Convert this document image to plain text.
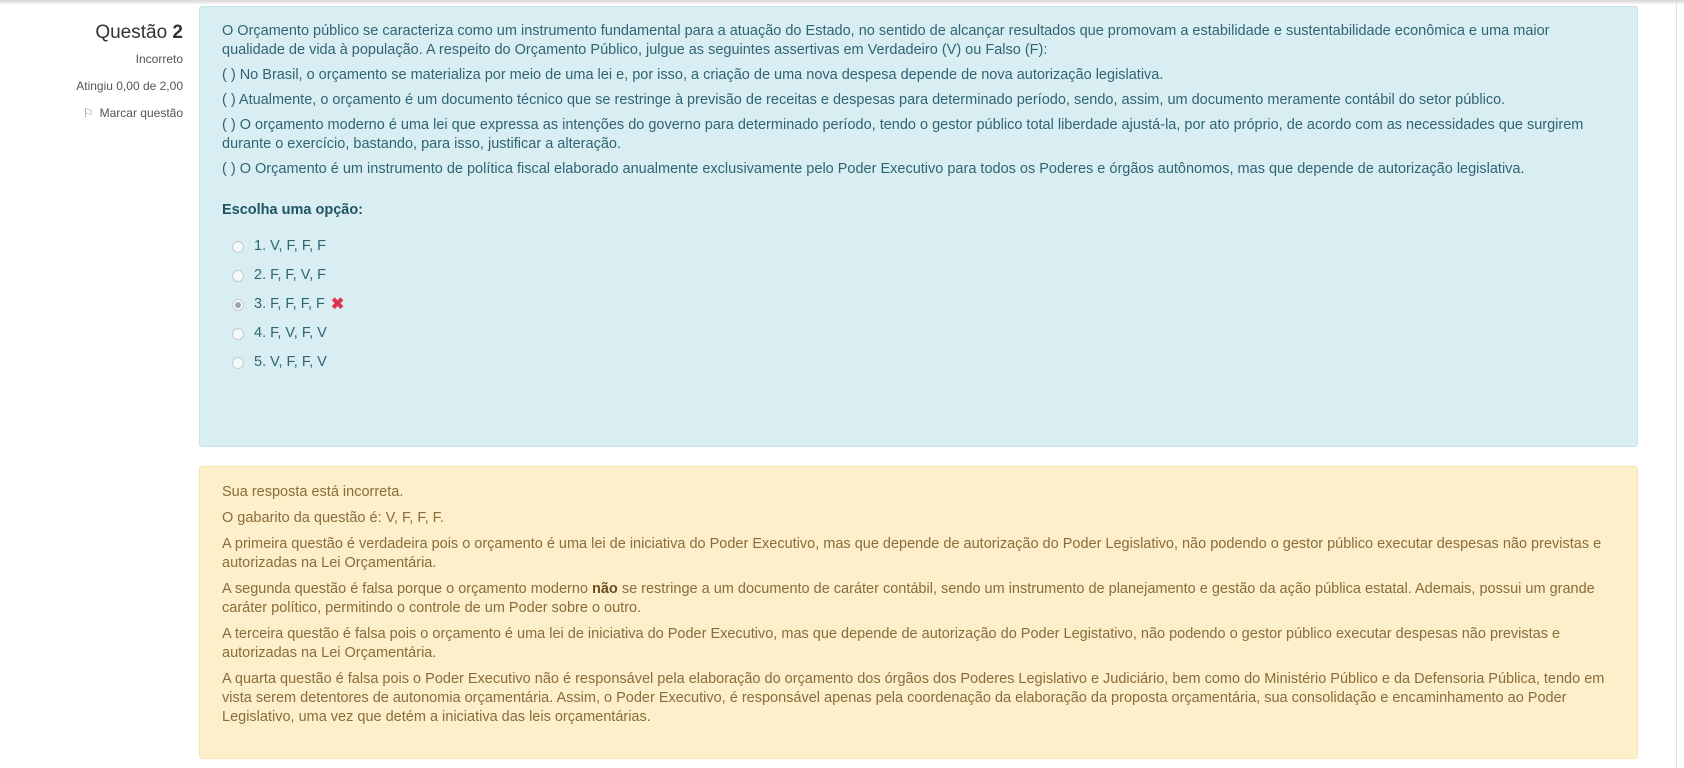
Questão 2
Incorreto
Atingiu 0,00 de 2,00
⚐ Marcar questão

O Orçamento público se caracteriza como um instrumento fundamental para a atuação do Estado, no sentido de alcançar resultados que promovam a estabilidade e sustentabilidade econômica e uma maior qualidade de vida à população. A respeito do Orçamento Público, julgue as seguintes assertivas em Verdadeiro (V) ou Falso (F):

( ) No Brasil, o orçamento se materializa por meio de uma lei e, por isso, a criação de uma nova despesa depende de nova autorização legislativa.

( ) Atualmente, o orçamento é um documento técnico que se restringe à previsão de receitas e despesas para determinado período, sendo, assim, um documento meramente contábil do setor público.

( ) O orçamento moderno é uma lei que expressa as intenções do governo para determinado período, tendo o gestor público total liberdade ajustá-la, por ato próprio, de acordo com as necessidades que surgirem durante o exercício, bastando, para isso, justificar a alteração.

( ) O Orçamento é um instrumento de política fiscal elaborado anualmente exclusivamente pelo Poder Executivo para todos os Poderes e órgãos autônomos, mas que depende de autorização legislativa.

Escolha uma opção:

1. V, F, F, F
2. F, F, V, F
3. F, F, F, F ✖
4. F, V, F, V
5. V, F, F, V

Sua resposta está incorreta.

O gabarito da questão é: V, F, F, F.

A primeira questão é verdadeira pois o orçamento é uma lei de iniciativa do Poder Executivo, mas que depende de autorização do Poder Legislativo, não podendo o gestor público executar despesas não previstas e autorizadas na Lei Orçamentária.

A segunda questão é falsa porque o orçamento moderno não se restringe a um documento de caráter contábil, sendo um instrumento de planejamento e gestão da ação pública estatal. Ademais, possui um grande caráter político, permitindo o controle de um Poder sobre o outro.

A terceira questão é falsa pois o orçamento é uma lei de iniciativa do Poder Executivo, mas que depende de autorização do Poder Legistativo, não podendo o gestor público executar despesas não previstas e autorizadas na Lei Orçamentária.

A quarta questão é falsa pois o Poder Executivo não é responsável pela elaboração do orçamento dos órgãos dos Poderes Legislativo e Judiciário, bem como do Ministério Público e da Defensoria Pública, tendo em vista serem detentores de autonomia orçamentária. Assim, o Poder Executivo, é responsável apenas pela coordenação da elaboração da proposta orçamentária, sua consolidação e encaminhamento ao Poder Legislativo, uma vez que detém a iniciativa das leis orçamentárias.
